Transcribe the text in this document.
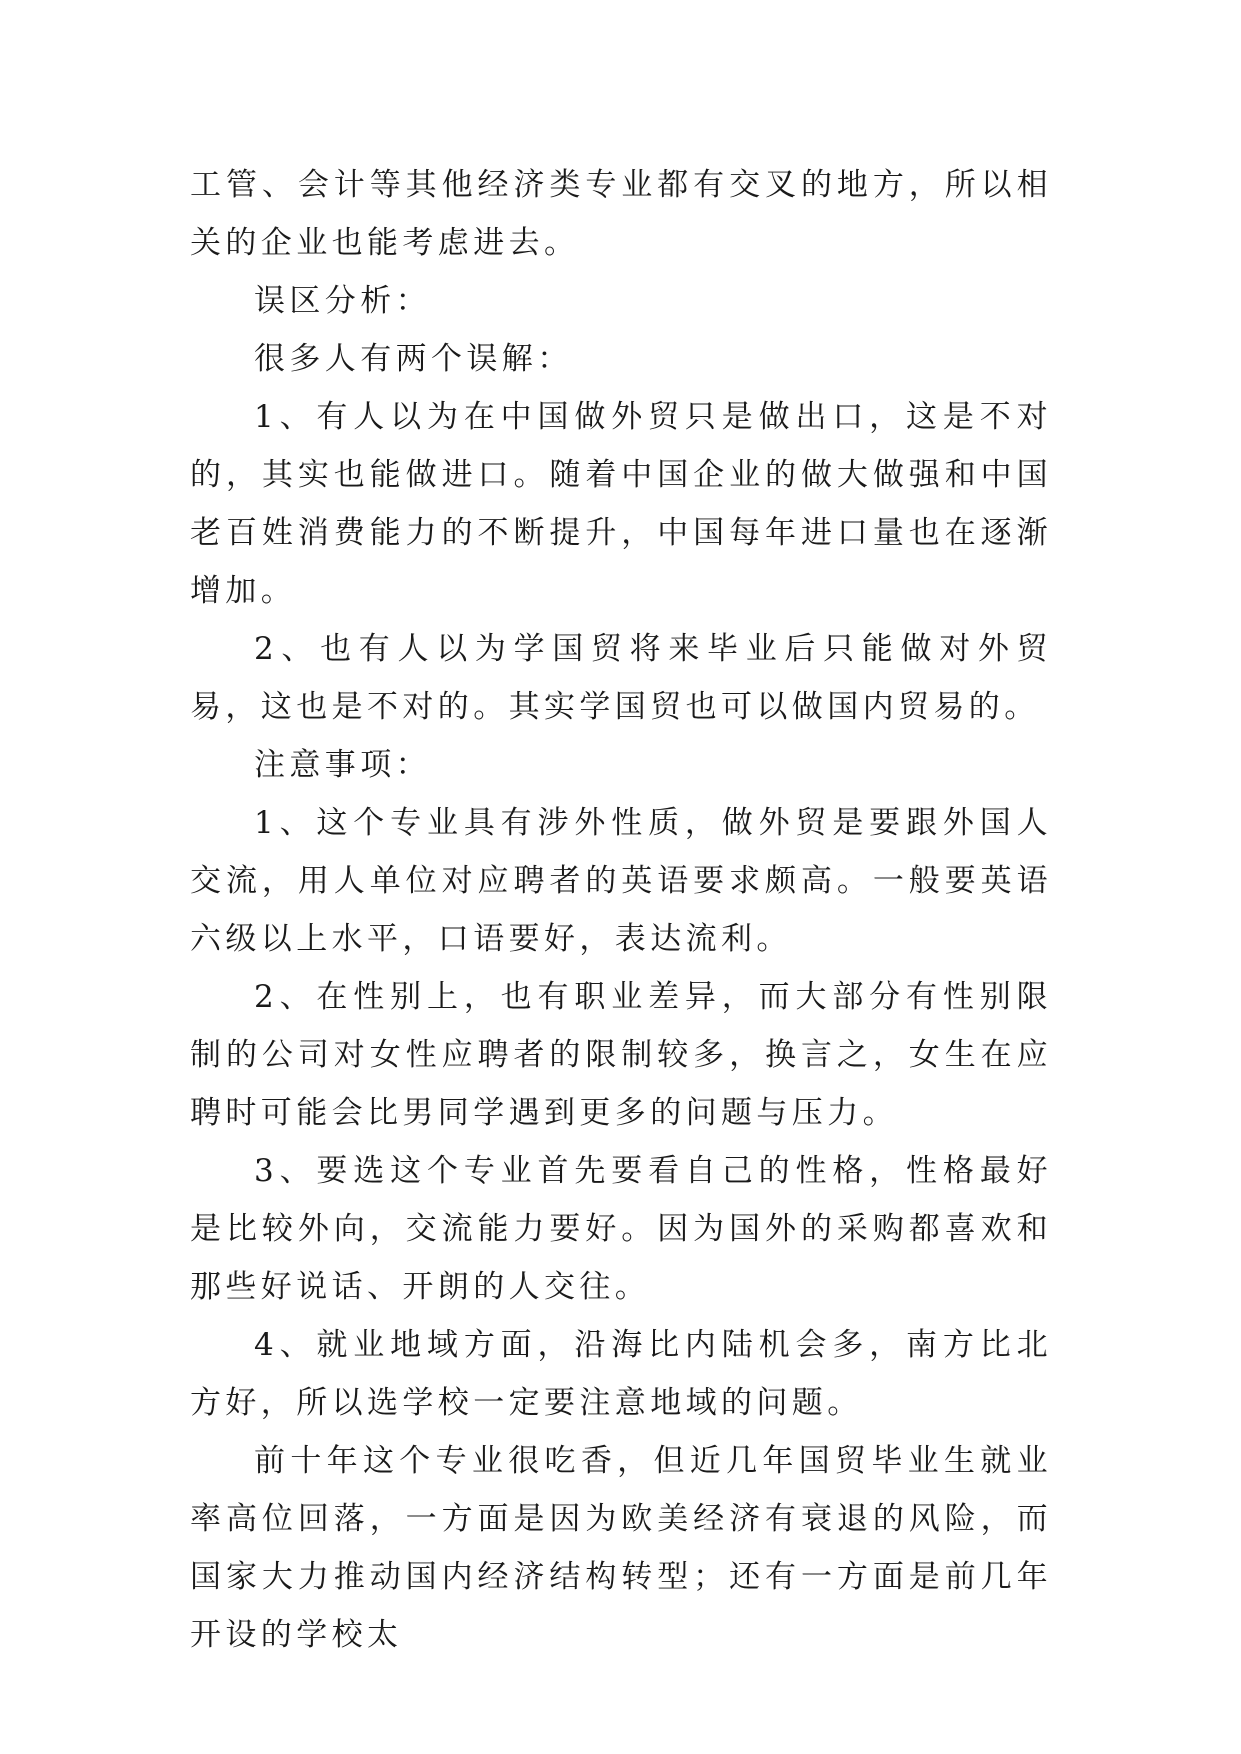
工管、会计等其他经济类专业都有交叉的地方，所以相关的企业也能考虑进去。

误区分析：

很多人有两个误解：

1、有人以为在中国做外贸只是做出口，这是不对的，其实也能做进口。随着中国企业的做大做强和中国老百姓消费能力的不断提升，中国每年进口量也在逐渐增加。

2、也有人以为学国贸将来毕业后只能做对外贸易，这也是不对的。其实学国贸也可以做国内贸易的。

注意事项：

1、这个专业具有涉外性质，做外贸是要跟外国人交流，用人单位对应聘者的英语要求颇高。一般要英语六级以上水平，口语要好，表达流利。

2、在性别上，也有职业差异，而大部分有性别限制的公司对女性应聘者的限制较多，换言之，女生在应聘时可能会比男同学遇到更多的问题与压力。

3、要选这个专业首先要看自己的性格，性格最好是比较外向，交流能力要好。因为国外的采购都喜欢和那些好说话、开朗的人交往。

4、就业地域方面，沿海比内陆机会多，南方比北方好，所以选学校一定要注意地域的问题。

前十年这个专业很吃香，但近几年国贸毕业生就业率高位回落，一方面是因为欧美经济有衰退的风险，而国家大力推动国内经济结构转型；还有一方面是前几年开设的学校太
